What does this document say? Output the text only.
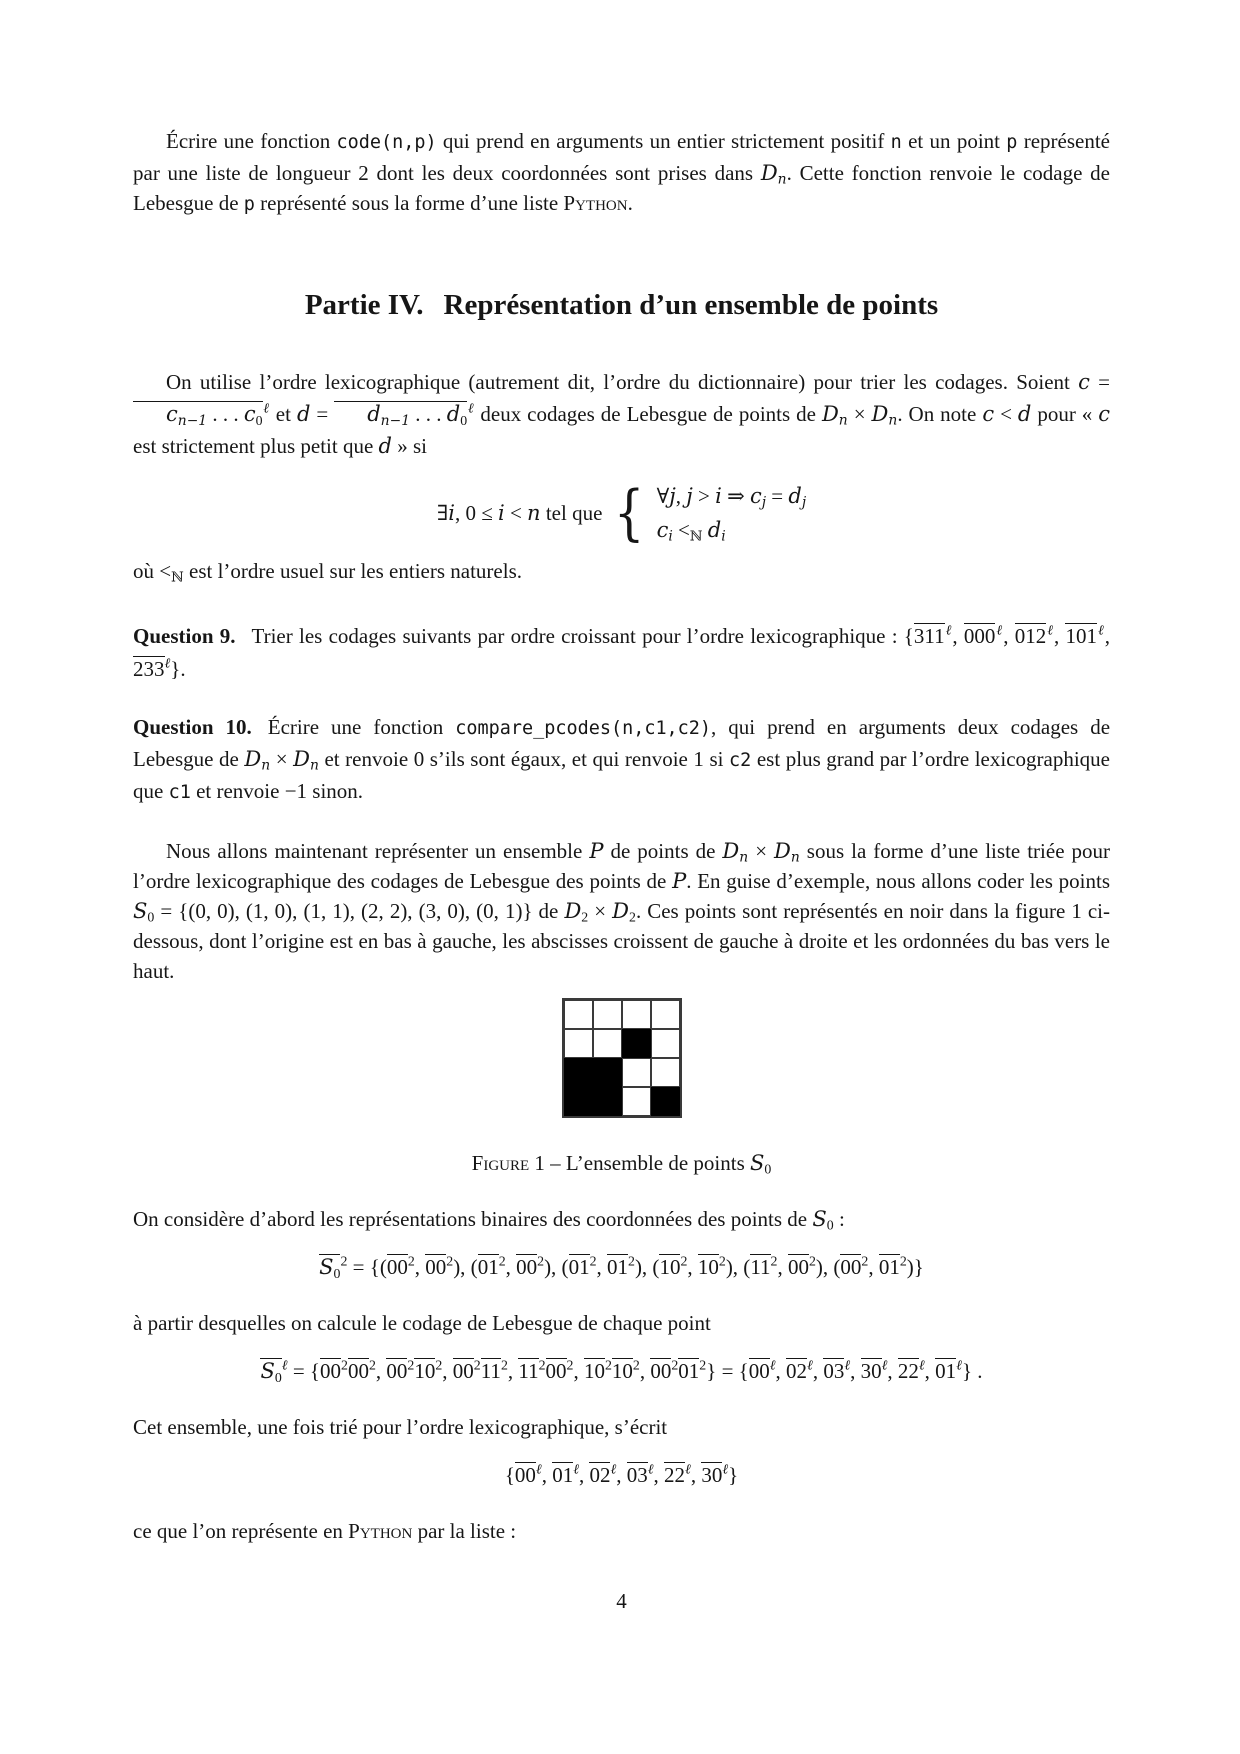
Écrire une fonction code(n,p) qui prend en arguments un entier strictement positif n et un point p représenté par une liste de longueur 2 dont les deux coordonnées sont prises dans $D_n$. Cette fonction renvoie le codage de Lebesgue de p représenté sous la forme d’une liste Python.

Partie IV. Représentation d’un ensemble de points

On utilise l’ordre lexicographique (autrement dit, l’ordre du dictionnaire) pour trier les codages. Soient $c = c_{n-1}$ . . . $c_0^\ell$ et $d = d_{n-1}$ . . . $d_0^\ell$ deux codages de Lebesgue de points de $D_n \times D_n$. On note c < d pour « c est strictement plus petit que d » si

∃i, 0 ≤ i < n tel que { ∀j, j > i ⇒ $c_j = d_j$
$c_i <_ℕ$ $d_i$

où $<_ℕ$ est l’ordre usuel sur les entiers naturels.

Question 9. Trier les codages suivants par ordre croissant pour l’ordre lexicographique : {$311^\ell$, $000^\ell$, $012^\ell$, $101^\ell$, $233^\ell$}.

Question 10. Écrire une fonction compare_pcodes(n,c1,c2), qui prend en arguments deux codages de Lebesgue de $D_n \times D_n$ et renvoie 0 s’ils sont égaux, et qui renvoie 1 si c2 est plus grand par l’ordre lexicographique que c1 et renvoie −1 sinon.

Nous allons maintenant représenter un ensemble P de points de $D_n \times D_n$ sous la forme d’une liste triée pour l’ordre lexicographique des codages de Lebesgue des points de P. En guise d’exemple, nous allons coder les points $S_0 = \{(0$, 0), (1, 0), (1, 1), (2, 2), (3, 0), (0, 1)} de $D_2 \times D_2$. Ces points sont représentés en noir dans la figure 1 ci-dessous, dont l’origine est en bas à gauche, les abscisses croissent de gauche à droite et les ordonnées du bas vers le haut.

Figure 1 – L’ensemble de points $S_0$

On considère d’abord les représentations binaires des coordonnées des points de $S_0$ :

$S_0^2 = \{(00^2$, $00^2$), ($01^2$, $00^2$), ($01^2$, $01^2$), ($10^2$, $10^2$), ($11^2$, $00^2$), ($00^2$, $01^2$)}

à partir desquelles on calcule le codage de Lebesgue de chaque point

$S_0^\ell = \{00^200^2$, $00^210^2$, $00^211^2$, $11^200^2$, $10^210^2$, $00^201^2\} = \{00^\ell$, $02^\ell$, $03^\ell$, $30^\ell$, $22^\ell$, $01^\ell$} .

Cet ensemble, une fois trié pour l’ordre lexicographique, s’écrit

{$00^\ell$, $01^\ell$, $02^\ell$, $03^\ell$, $22^\ell$, $30^\ell$}

ce que l’on représente en Python par la liste :

4
